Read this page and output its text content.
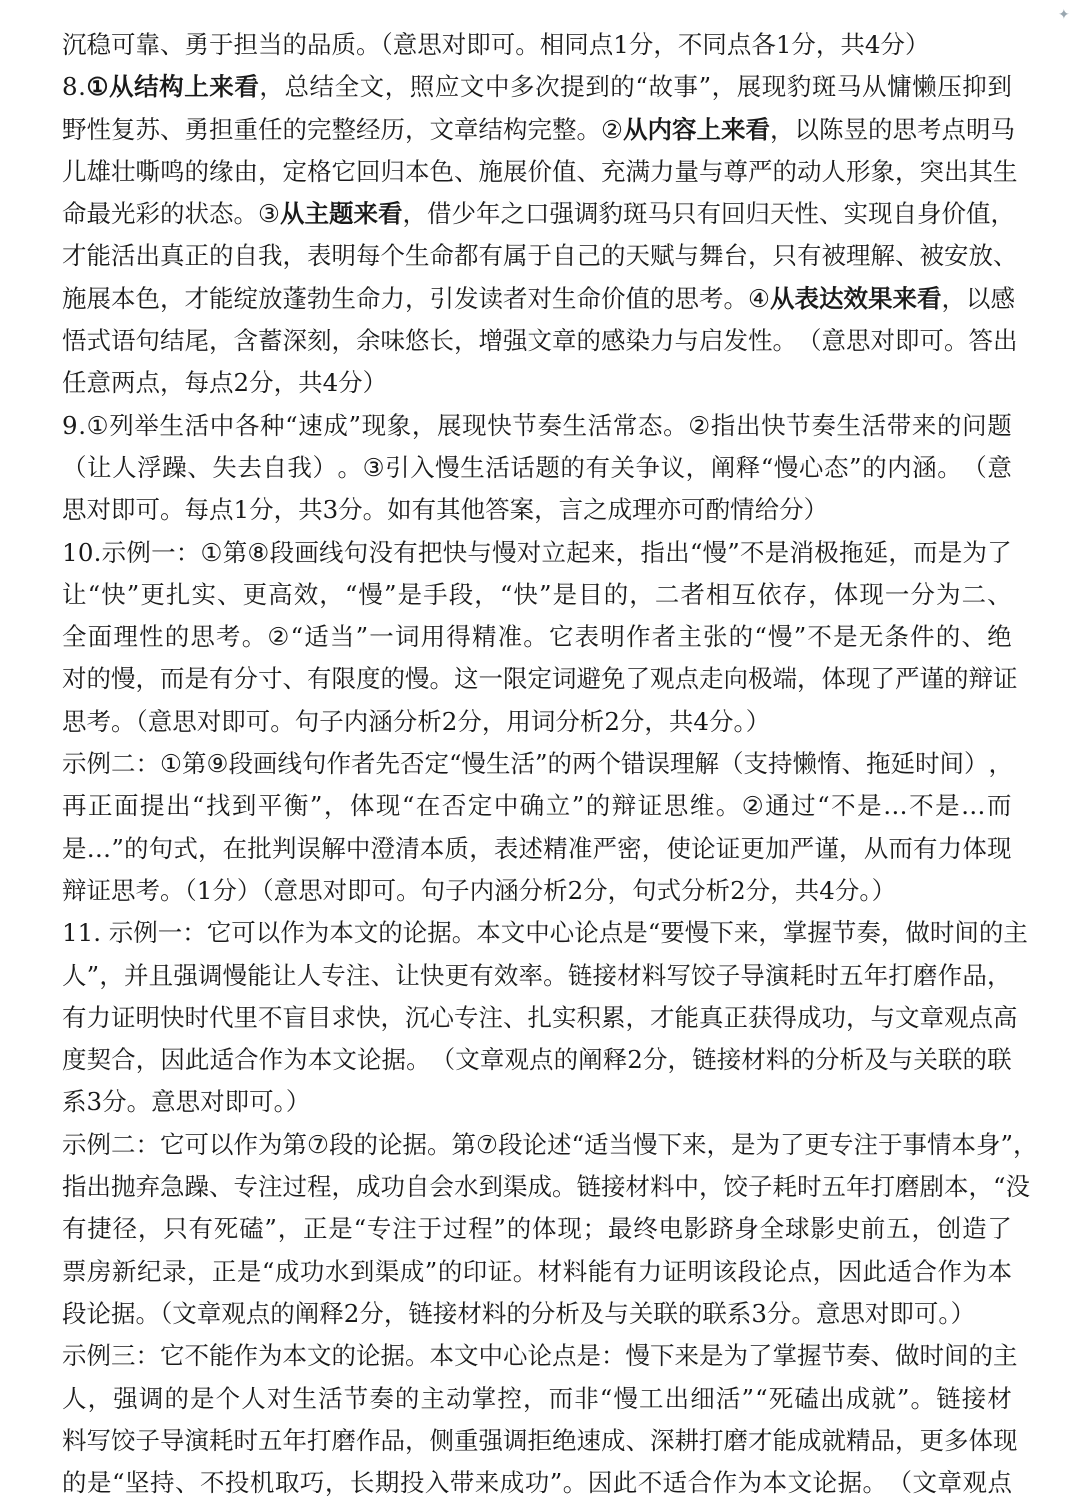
✦
沉稳可靠、勇于担当的品质。（意思对即可。相同点1分，不同点各1分，共4分）
8 . ① 从 结 构 上 来 看 ， 总 结 全 文 ， 照 应 文 中 多 次 提 到 的 “ 故 事 ” ， 展 现 豹 斑 马 从 慵 懒 压 抑 到
野 性 复 苏 、 勇 担 重 任 的 完 整 经 历 ， 文 章 结 构 完 整 。 ② 从 内 容 上 来 看 ， 以 陈 昱 的 思 考 点 明 马
儿 雄 壮 嘶 鸣 的 缘 由 ， 定 格 它 回 归 本 色 、 施 展 价 值 、 充 满 力 量 与 尊 严 的 动 人 形 象 ， 突 出 其 生
命 最 光 彩 的 状 态 。 ③ 从 主 题 来 看 ， 借 少 年 之 口 强 调 豹 斑 马 只 有 回 归 天 性 、 实 现 自 身 价 值 ，
才 能 活 出 真 正 的 自 我 ， 表 明 每 个 生 命 都 有 属 于 自 己 的 天 赋 与 舞 台 ， 只 有 被 理 解 、 被 安 放 、
施 展 本 色 ， 才 能 绽 放 蓬 勃 生 命 力 ， 引 发 读 者 对 生 命 价 值 的 思 考 。 ④ 从 表 达 效 果 来 看 ， 以 感
悟 式 语 句 结 尾 ， 含 蓄 深 刻 ， 余 味 悠 长 ， 增 强 文 章 的 感 染 力 与 启 发 性 。 （ 意 思 对 即 可 。 答 出
任意两点，每点2分，共4分）
9 . ① 列 举 生 活 中 各 种 “ 速 成 ” 现 象 ， 展 现 快 节 奏 生 活 常 态 。 ② 指 出 快 节 奏 生 活 带 来 的 问 题
（ 让 人 浮 躁 、 失 去 自 我 ） 。 ③ 引 入 慢 生 活 话 题 的 有 关 争 议 ， 阐 释 “ 慢 心 态 ” 的 内 涵 。 （ 意
思对即可。每点1分，共3分。如有其他答案，言之成理亦可酌情给分）
1 0 . 示 例 一 ： ① 第 ⑧ 段 画 线 句 没 有 把 快 与 慢 对 立 起 来 ， 指 出 “ 慢 ” 不 是 消 极 拖 延 ， 而 是 为 了
让 “ 快 ” 更 扎 实 、 更 高 效 ， “ 慢 ” 是 手 段 ， “ 快 ” 是 目 的 ， 二 者 相 互 依 存 ， 体 现 一 分 为 二 、
全 面 理 性 的 思 考 。 ② “ 适 当 ” 一 词 用 得 精 准 。 它 表 明 作 者 主 张 的 “ 慢 ” 不 是 无 条 件 的 、 绝
对 的 慢 ， 而 是 有 分 寸 、 有 限 度 的 慢 。 这 一 限 定 词 避 免 了 观 点 走 向 极 端 ， 体 现 了 严 谨 的 辩 证
思考。（意思对即可。句子内涵分析2分，用词分析2分，共4分。）
示 例 二 ： ① 第 ⑨ 段 画 线 句 作 者 先 否 定 “ 慢 生 活 ” 的 两 个 错 误 理 解 （ 支 持 懒 惰 、 拖 延 时 间 ） ，
再 正 面 提 出 “ 找 到 平 衡 ” ， 体 现 “ 在 否 定 中 确 立 ” 的 辩 证 思 维 。 ② 通 过 “ 不 是 … 不 是 … 而
是 … ” 的 句 式 ， 在 批 判 误 解 中 澄 清 本 质 ， 表 述 精 准 严 密 ， 使 论 证 更 加 严 谨 ， 从 而 有 力 体 现
辩证思考。（1分）（意思对即可。句子内涵分析2分，句式分析2分，共4分。）
1 1 .
示 例 一 ： 它 可 以 作 为 本 文 的 论 据 。 本 文 中 心 论 点 是 “ 要 慢 下 来 ， 掌 握 节 奏 ， 做 时 间 的 主
人 ” ， 并 且 强 调 慢 能 让 人 专 注 、 让 快 更 有 效 率 。 链 接 材 料 写 饺 子 导 演 耗 时 五 年 打 磨 作 品 ，
有 力 证 明 快 时 代 里 不 盲 目 求 快 ， 沉 心 专 注 、 扎 实 积 累 ， 才 能 真 正 获 得 成 功 ， 与 文 章 观 点 高
度 契 合 ， 因 此 适 合 作 为 本 文 论 据 。 （ 文 章 观 点 的 阐 释 2 分 ， 链 接 材 料 的 分 析 及 与 关 联 的 联
系3分。意思对即可。）
示 例 二 ： 它 可 以 作 为 第 ⑦ 段 的 论 据 。 第 ⑦ 段 论 述 “ 适 当 慢 下 来 ， 是 为 了 更 专 注 于 事 情 本 身 ” ，
指 出 抛 弃 急 躁 、 专 注 过 程 ， 成 功 自 会 水 到 渠 成 。 链 接 材 料 中 ， 饺 子 耗 时 五 年 打 磨 剧 本 ， “ 没
有 捷 径 ， 只 有 死 磕 ” ， 正 是 “ 专 注 于 过 程 ” 的 体 现 ； 最 终 电 影 跻 身 全 球 影 史 前 五 ， 创 造 了
票 房 新 纪 录 ， 正 是 “ 成 功 水 到 渠 成 ” 的 印 证 。 材 料 能 有 力 证 明 该 段 论 点 ， 因 此 适 合 作 为 本
段论据。（文章观点的阐释2分，链接材料的分析及与关联的联系3分。意思对即可。）
示 例 三 ： 它 不 能 作 为 本 文 的 论 据 。 本 文 中 心 论 点 是 ： 慢 下 来 是 为 了 掌 握 节 奏 、 做 时 间 的 主
人 ， 强 调 的 是 个 人 对 生 活 节 奏 的 主 动 掌 控 ， 而 非 “ 慢 工 出 细 活 ” “ 死 磕 出 成 就 ” 。 链 接 材
料 写 饺 子 导 演 耗 时 五 年 打 磨 作 品 ， 侧 重 强 调 拒 绝 速 成 、 深 耕 打 磨 才 能 成 就 精 品 ， 更 多 体 现
的 是 “ 坚 持 、 不 投 机 取 巧 ， 长 期 投 入 带 来 成 功 ” 。 因 此 不 适 合 作 为 本 文 论 据 。 （ 文 章 观 点
